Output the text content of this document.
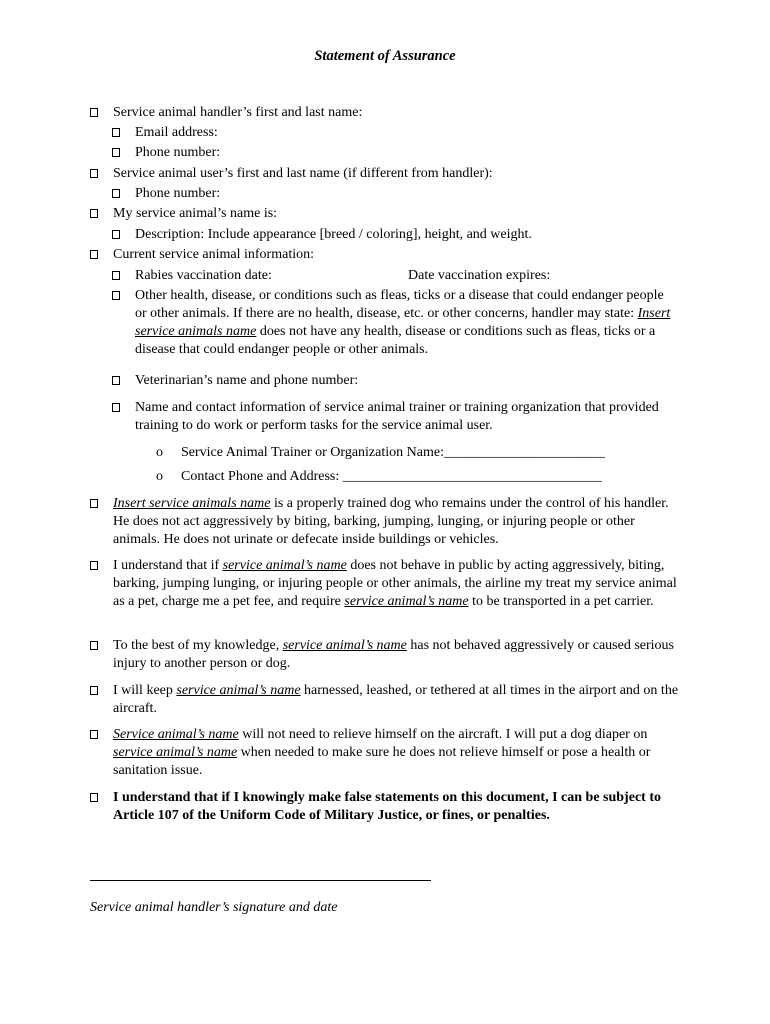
Statement of Assurance
Service animal handler’s first and last name:
Email address:
Phone number:
Service animal user’s first and last name (if different from handler):
Phone number:
My service animal’s name is:
Description: Include appearance [breed / coloring], height, and weight.
Current service animal information:
Rabies vaccination date:	Date vaccination expires:
Other health, disease, or conditions such as fleas, ticks or a disease that could endanger people or other animals. If there are no health, disease, etc. or other concerns, handler may state: Insert service animals name does not have any health, disease or conditions such as fleas, ticks or a disease that could endanger people or other animals.
Veterinarian’s name and phone number:
Name and contact information of service animal trainer or training organization that provided training to do work or perform tasks for the service animal user.
o Service Animal Trainer or Organization Name:_______________________
o Contact Phone and Address: _____________________________________
Insert service animals name is a properly trained dog who remains under the control of his handler. He does not act aggressively by biting, barking, jumping, lunging, or injuring people or other animals. He does not urinate or defecate inside buildings or vehicles.
I understand that if service animal’s name does not behave in public by acting aggressively, biting, barking, jumping lunging, or injuring people or other animals, the airline my treat my service animal as a pet, charge me a pet fee, and require service animal’s name to be transported in a pet carrier.
To the best of my knowledge, service animal’s name has not behaved aggressively or caused serious injury to another person or dog.
I will keep service animal’s name harnessed, leashed, or tethered at all times in the airport and on the aircraft.
Service animal’s name will not need to relieve himself on the aircraft. I will put a dog diaper on service animal’s name when needed to make sure he does not relieve himself or pose a health or sanitation issue.
I understand that if I knowingly make false statements on this document, I can be subject to Article 107 of the Uniform Code of Military Justice, or fines, or penalties.
Service animal handler’s signature and date
